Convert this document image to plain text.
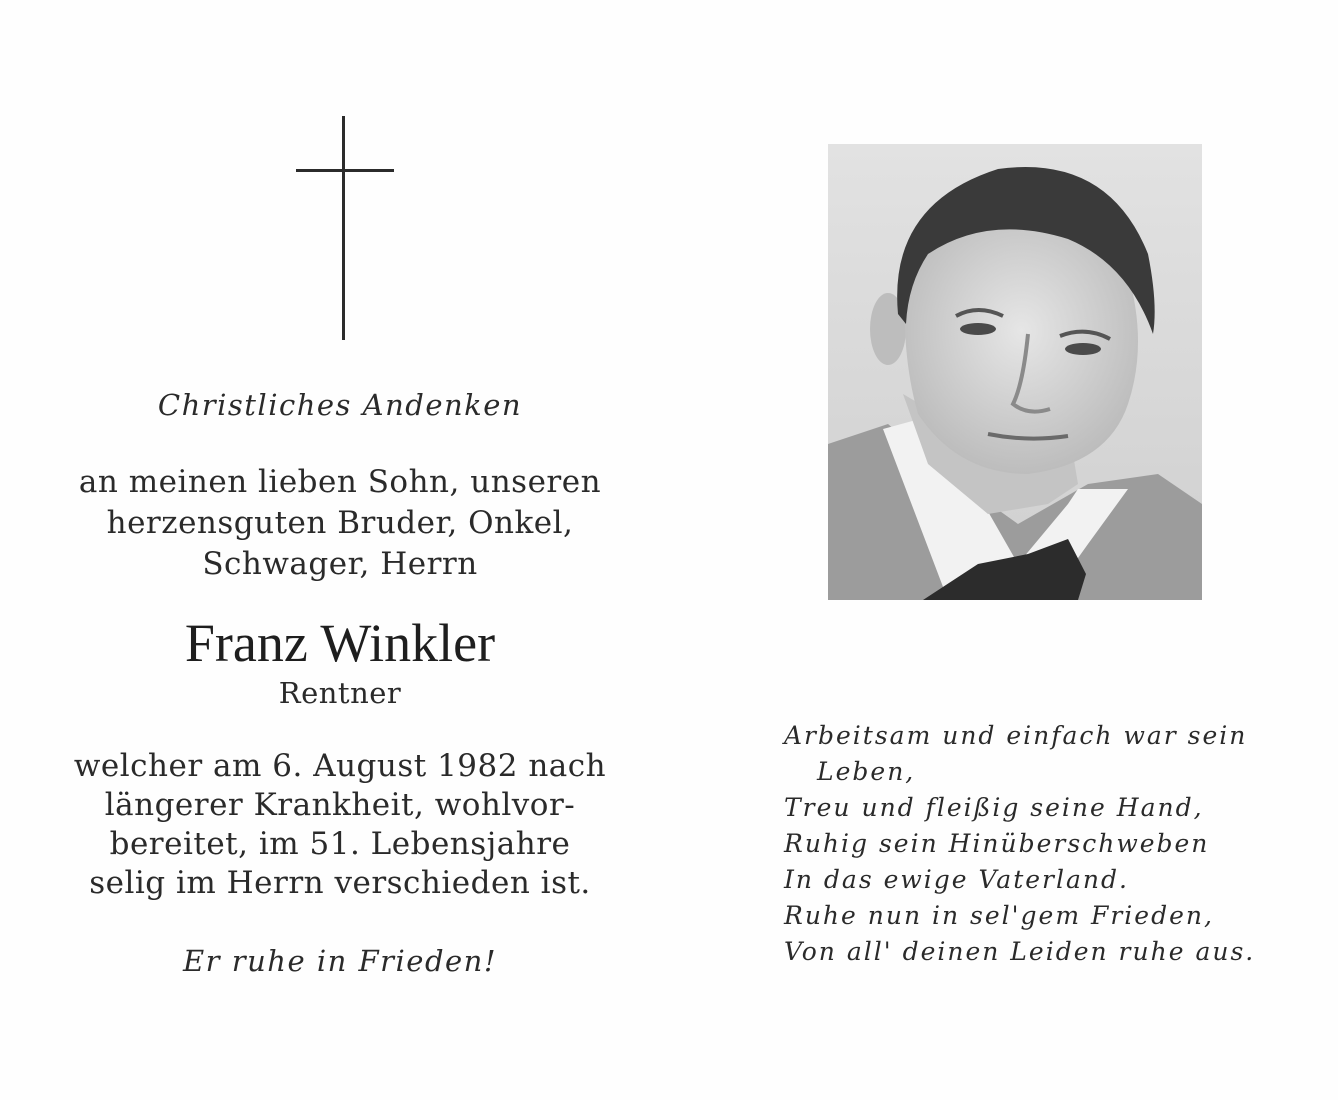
Christliches Andenken
an meinen lieben Sohn, unseren
herzensguten Bruder, Onkel,
Schwager, Herrn
Franz Winkler
Rentner
welcher am 6. August 1982 nach
längerer Krankheit, wohlvor-
bereitet, im 51. Lebensjahre
selig im Herrn verschieden ist.
Er ruhe in Frieden!
Arbeitsam und einfach war sein
Leben,
Treu und fleißig seine Hand,
Ruhig sein Hinüberschweben
In das ewige Vaterland.
Ruhe nun in sel'gem Frieden,
Von all' deinen Leiden ruhe aus.
